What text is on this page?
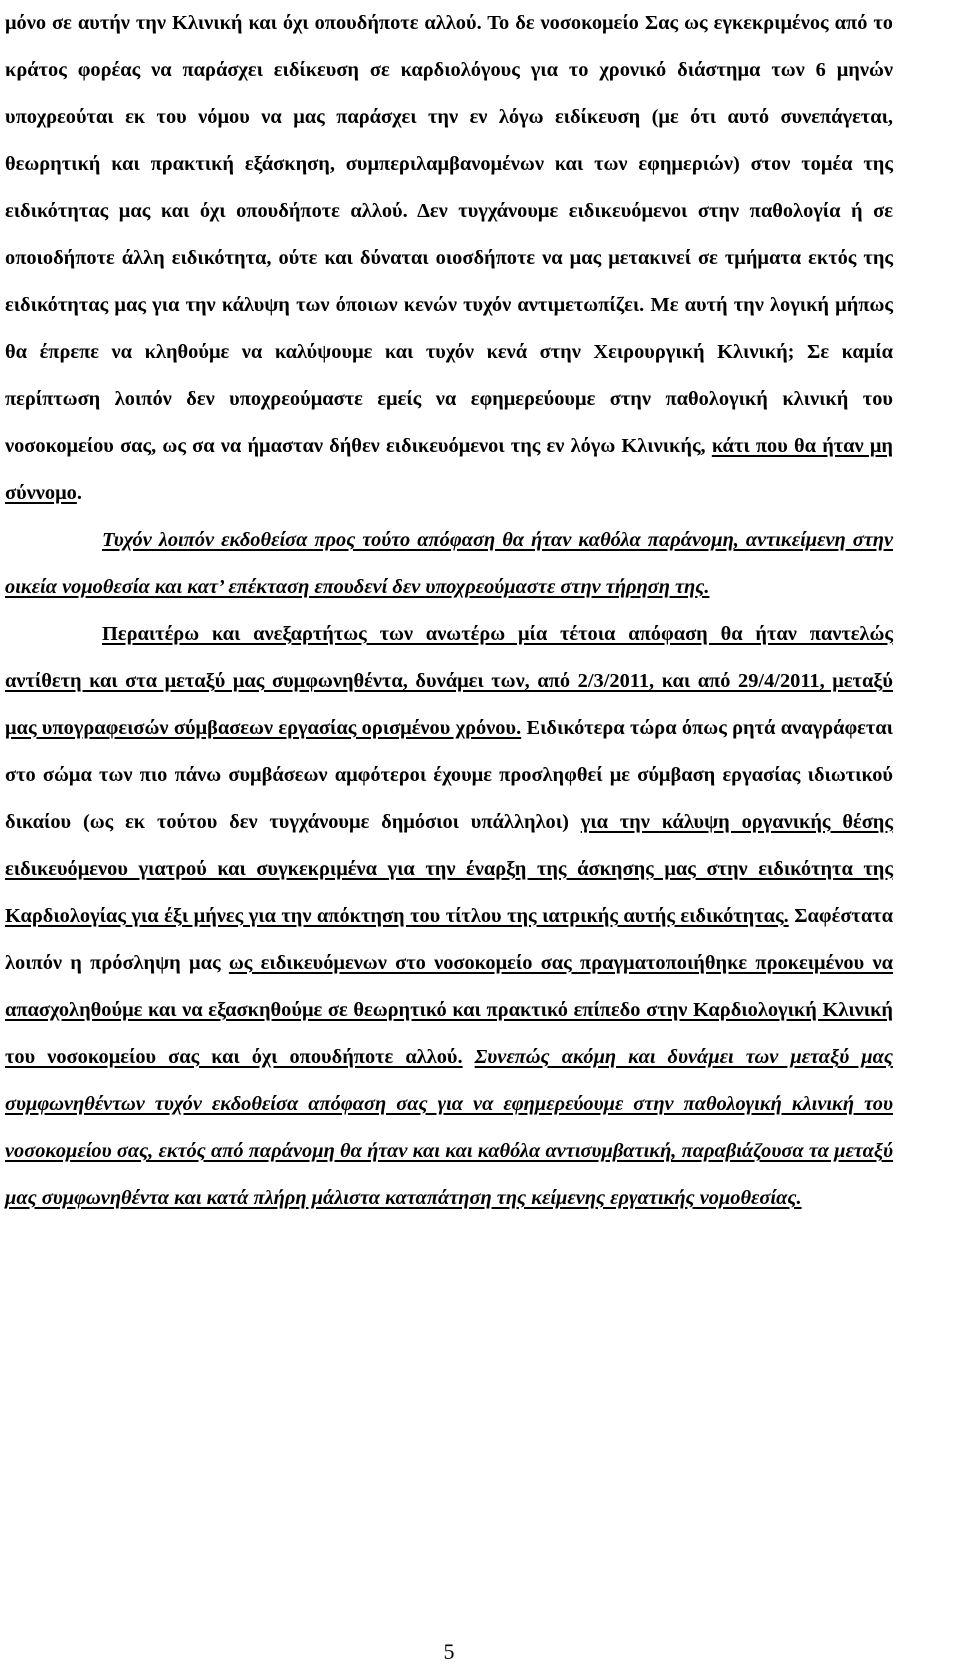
μόνο σε αυτήν την Κλινική και όχι οπουδήποτε αλλού. Το δε νοσοκομείο Σας ως εγκεκριμένος από το κράτος φορέας να παράσχει ειδίκευση σε καρδιολόγους για το χρονικό διάστημα των 6 μηνών υποχρεούται εκ του νόμου να μας παράσχει την εν λόγω ειδίκευση (με ότι αυτό συνεπάγεται, θεωρητική και πρακτική εξάσκηση, συμπεριλαμβανομένων και των εφημεριών) στον τομέα της ειδικότητας μας και όχι οπουδήποτε αλλού. Δεν τυγχάνουμε ειδικευόμενοι στην παθολογία ή σε οποιοδήποτε άλλη ειδικότητα, ούτε και δύναται οιοσδήποτε να μας μετακινεί σε τμήματα εκτός της ειδικότητας μας για την κάλυψη των όποιων κενών τυχόν αντιμετωπίζει. Με αυτή την λογική μήπως θα έπρεπε να κληθούμε να καλύψουμε και τυχόν κενά στην Χειρουργική Κλινική; Σε καμία περίπτωση λοιπόν δεν υποχρεούμαστε εμείς να εφημερεύουμε στην παθολογική κλινική του νοσοκομείου σας, ως σα να ήμασταν δήθεν ειδικευόμενοι της εν λόγω Κλινικής, κάτι που θα ήταν μη σύννομο.

Τυχόν λοιπόν εκδοθείσα προς τούτο απόφαση θα ήταν καθόλα παράνομη, αντικείμενη στην οικεία νομοθεσία και κατ’ επέκταση επουδενί δεν υποχρεούμαστε στην τήρηση της.

Περαιτέρω και ανεξαρτήτως των ανωτέρω μία τέτοια απόφαση θα ήταν παντελώς αντίθετη και στα μεταξύ μας συμφωνηθέντα, δυνάμει των, από 2/3/2011, και από 29/4/2011, μεταξύ μας υπογραφεισών σύμβασεων εργασίας ορισμένου χρόνου. Ειδικότερα τώρα όπως ρητά αναγράφεται στο σώμα των πιο πάνω συμβάσεων αμφότεροι έχουμε προσληφθεί με σύμβαση εργασίας ιδιωτικού δικαίου (ως εκ τούτου δεν τυγχάνουμε δημόσιοι υπάλληλοι) για την κάλυψη οργανικής θέσης ειδικευόμενου γιατρού και συγκεκριμένα για την έναρξη της άσκησης μας στην ειδικότητα της Καρδιολογίας για έξι μήνες για την απόκτηση του τίτλου της ιατρικής αυτής ειδικότητας. Σαφέστατα λοιπόν η πρόσληψη μας ως ειδικευόμενων στο νοσοκομείο σας πραγματοποιήθηκε προκειμένου να απασχοληθούμε και να εξασκηθούμε σε θεωρητικό και πρακτικό επίπεδο στην Καρδιολογική Κλινική του νοσοκομείου σας και όχι οπουδήποτε αλλού. Συνεπώς ακόμη και δυνάμει των μεταξύ μας συμφωνηθέντων τυχόν εκδοθείσα απόφαση σας για να εφημερεύουμε στην παθολογική κλινική του νοσοκομείου σας, εκτός από παράνομη θα ήταν και και καθόλα αντισυμβατική, παραβιάζουσα τα μεταξύ μας συμφωνηθέντα και κατά πλήρη μάλιστα καταπάτηση της κείμενης εργατικής νομοθεσίας.

5
